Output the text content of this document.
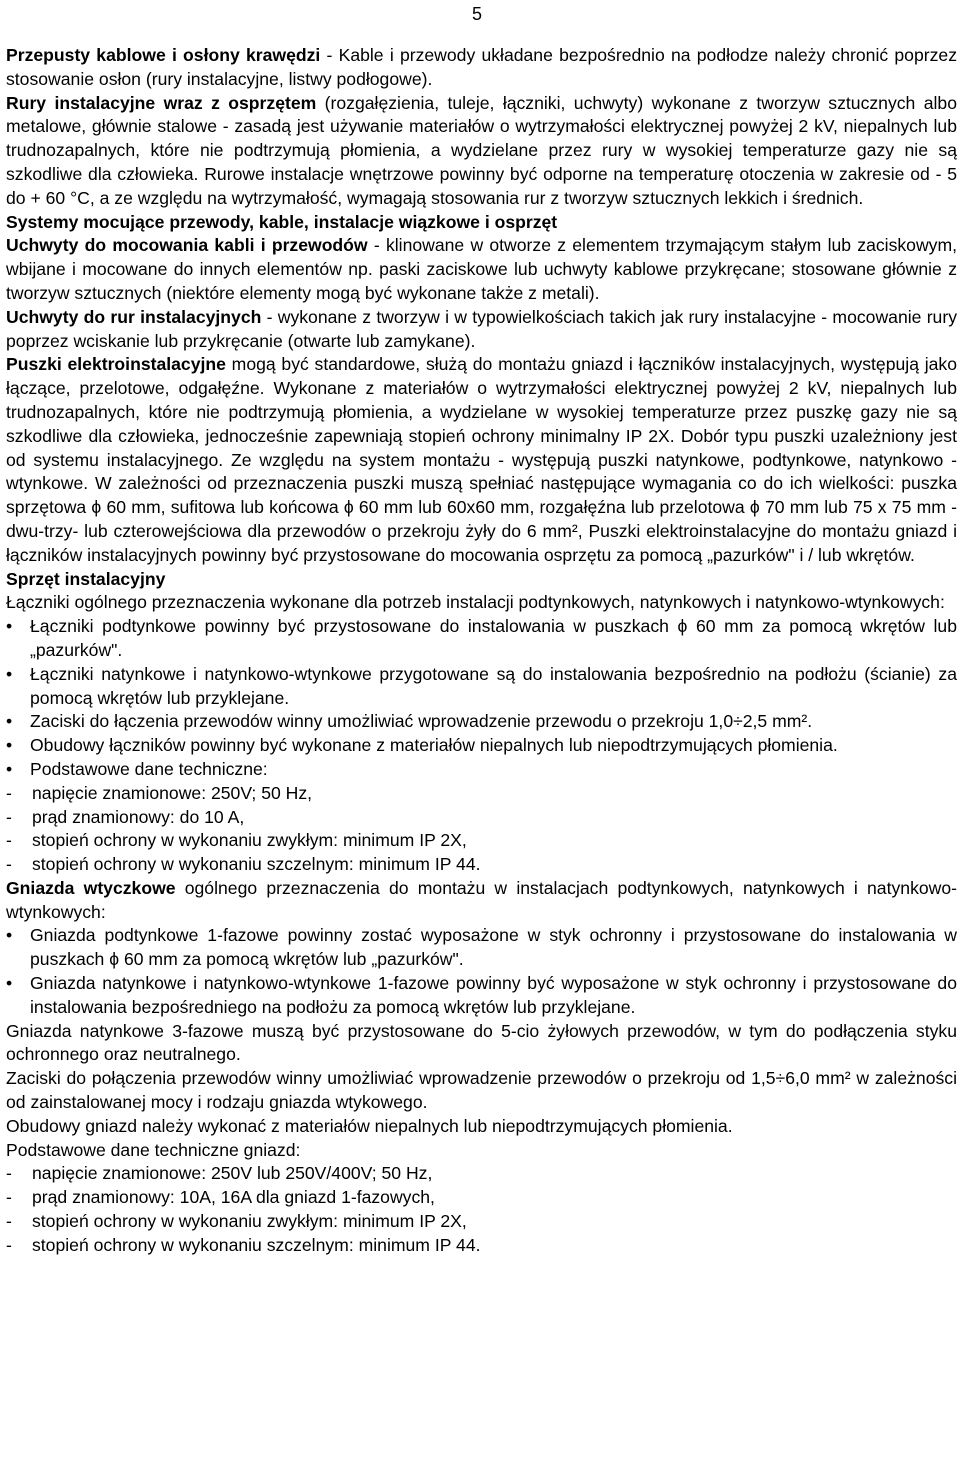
5

Przepusty kablowe i osłony krawędzi - Kable i przewody układane bezpośrednio na podłodze należy chronić poprzez stosowanie osłon (rury instalacyjne, listwy podłogowe).

Rury instalacyjne wraz z osprzętem (rozgałęzienia, tuleje, łączniki, uchwyty) wykonane z tworzyw sztucznych albo metalowe, głównie stalowe - zasadą jest używanie materiałów o wytrzymałości elektrycznej powyżej 2 kV, niepalnych lub trudnozapalnych, które nie podtrzymują płomienia, a wydzielane przez rury w wysokiej temperaturze gazy nie są szkodliwe dla człowieka. Rurowe instalacje wnętrzowe powinny być odporne na temperaturę otoczenia w zakresie od - 5 do + 60 °C, a ze względu na wytrzymałość, wymagają stosowania rur z tworzyw sztucznych lekkich i średnich.

Systemy mocujące przewody, kable, instalacje wiązkowe i osprzęt

Uchwyty do mocowania kabli i przewodów - klinowane w otworze z elementem trzymającym stałym lub zaciskowym, wbijane i mocowane do innych elementów np. paski zaciskowe lub uchwyty kablowe przykręcane; stosowane głównie z tworzyw sztucznych (niektóre elementy mogą być wykonane także z metali).

Uchwyty do rur instalacyjnych - wykonane z tworzyw i w typowielkościach takich jak rury instalacyjne - mocowanie rury poprzez wciskanie lub przykręcanie (otwarte lub zamykane).

Puszki elektroinstalacyjne mogą być standardowe, służą do montażu gniazd i łączników instalacyjnych, występują jako łączące, przelotowe, odgałęźne. Wykonane z materiałów o wytrzymałości elektrycznej powyżej 2 kV, niepalnych lub trudnozapalnych, które nie podtrzymują płomienia, a wydzielane w wysokiej temperaturze przez puszkę gazy nie są szkodliwe dla człowieka, jednocześnie zapewniają stopień ochrony minimalny IP 2X. Dobór typu puszki uzależniony jest od systemu instalacyjnego. Ze względu na system montażu - występują puszki natynkowe, podtynkowe, natynkowo - wtynkowe. W zależności od przeznaczenia puszki muszą spełniać następujące wymagania co do ich wielkości: puszka sprzętowa ϕ 60 mm, sufitowa lub końcowa ϕ 60 mm lub 60x60 mm, rozgałęźna lub przelotowa ϕ 70 mm lub 75 x 75 mm - dwu-trzy- lub czterowejściowa dla przewodów o przekroju żyły do 6 mm², Puszki elektroinstalacyjne do montażu gniazd i łączników instalacyjnych powinny być przystosowane do mocowania osprzętu za pomocą „pazurków" i / lub wkrętów.

Sprzęt instalacyjny

Łączniki ogólnego przeznaczenia wykonane dla potrzeb instalacji podtynkowych, natynkowych i natynkowo-wtynkowych:

•	Łączniki podtynkowe powinny być przystosowane do instalowania w puszkach ϕ 60 mm za pomocą wkrętów lub „pazurków".
•	Łączniki natynkowe i natynkowo-wtynkowe przygotowane są do instalowania bezpośrednio na podłożu (ścianie) za pomocą wkrętów lub przyklejane.
•	Zaciski do łączenia przewodów winny umożliwiać wprowadzenie przewodu o przekroju 1,0÷2,5 mm².
•	Obudowy łączników powinny być wykonane z materiałów niepalnych lub niepodtrzymujących płomienia.
•	Podstawowe dane techniczne:
-	napięcie znamionowe: 250V; 50 Hz,
-	prąd znamionowy: do 10 A,
-	stopień ochrony w wykonaniu zwykłym: minimum IP 2X,
-	stopień ochrony w wykonaniu szczelnym: minimum IP 44.

Gniazda wtyczkowe ogólnego przeznaczenia do montażu w instalacjach podtynkowych, natynkowych i natynkowo-wtynkowych:

•	Gniazda podtynkowe 1-fazowe powinny zostać wyposażone w styk ochronny i przystosowane do instalowania w puszkach ϕ 60 mm za pomocą wkrętów lub „pazurków".
•	Gniazda natynkowe i natynkowo-wtynkowe 1-fazowe powinny być wyposażone w styk ochronny i przystosowane do instalowania bezpośredniego na podłożu za pomocą wkrętów lub przyklejane.

Gniazda natynkowe 3-fazowe muszą być przystosowane do 5-cio żyłowych przewodów, w tym do podłączenia styku ochronnego oraz neutralnego.

Zaciski do połączenia przewodów winny umożliwiać wprowadzenie przewodów o przekroju od 1,5÷6,0 mm² w zależności od zainstalowanej mocy i rodzaju gniazda wtykowego.

Obudowy gniazd należy wykonać z materiałów niepalnych lub niepodtrzymujących płomienia.

Podstawowe dane techniczne gniazd:

-	napięcie znamionowe: 250V lub 250V/400V; 50 Hz,
-	prąd znamionowy: 10A, 16A dla gniazd 1-fazowych,
-	stopień ochrony w wykonaniu zwykłym: minimum IP 2X,
-	stopień ochrony w wykonaniu szczelnym: minimum IP 44.
